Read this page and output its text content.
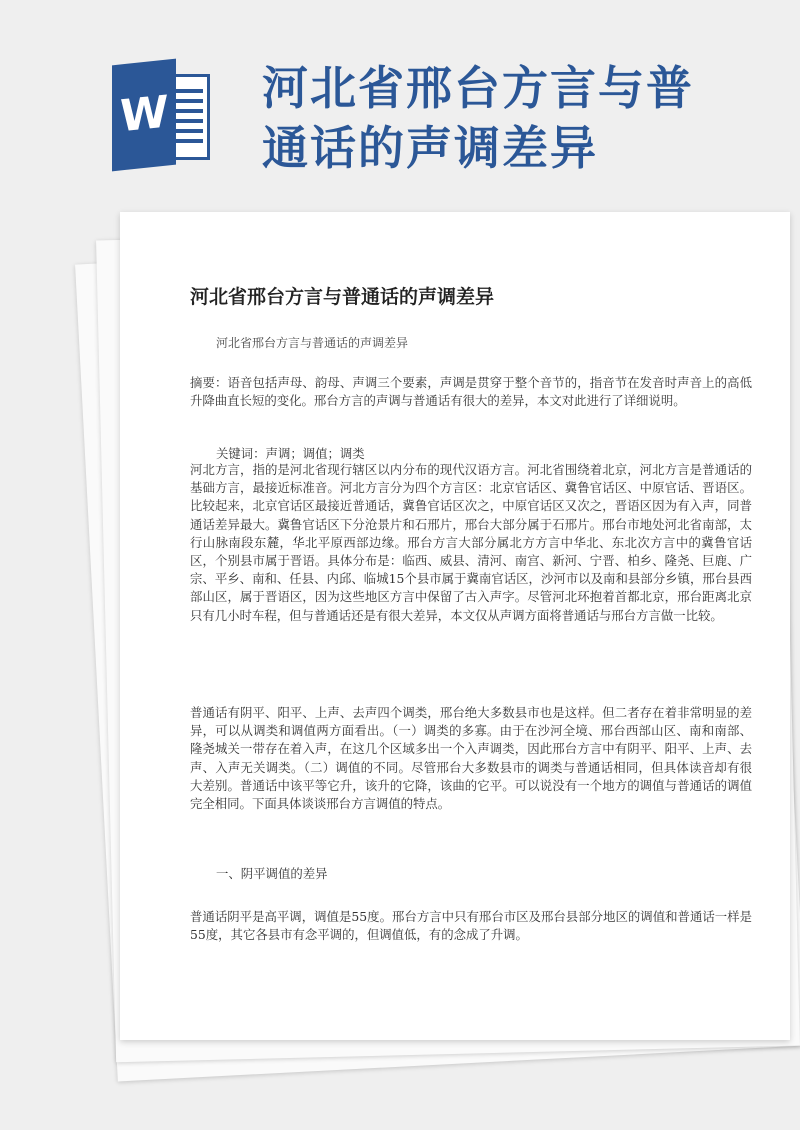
W 河北省邢台方言与普通话的声调差异
河北省邢台方言与普通话的声调差异
河北省邢台方言与普通话的声调差异
摘要：语音包括声母、韵母、声调三个要素，声调是贯穿于整个音节的，指音节在发音时声音上的高低升降曲直长短的变化。邢台方言的声调与普通话有很大的差异，本文对此进行了详细说明。
关键词：声调；调值；调类
河北方言，指的是河北省现行辖区以内分布的现代汉语方言。河北省围绕着北京，河北方言是普通话的基础方言，最接近标准音。河北方言分为四个方言区：北京官话区、冀鲁官话区、中原官话、晋语区。比较起来，北京官话区最接近普通话，冀鲁官话区次之，中原官话区又次之，晋语区因为有入声，同普通话差异最大。冀鲁官话区下分沧景片和石邢片，邢台大部分属于石邢片。邢台市地处河北省南部，太行山脉南段东麓，华北平原西部边缘。邢台方言大部分属北方方言中华北、东北次方言中的冀鲁官话区，个别县市属于晋语。具体分布是：临西、威县、清河、南宫、新河、宁晋、柏乡、隆尧、巨鹿、广宗、平乡、南和、任县、内邱、临城15个县市属于冀南官话区，沙河市以及南和县部分乡镇，邢台县西部山区，属于晋语区，因为这些地区方言中保留了古入声字。尽管河北环抱着首都北京，邢台距离北京只有几小时车程，但与普通话还是有很大差异，本文仅从声调方面将普通话与邢台方言做一比较。
普通话有阴平、阳平、上声、去声四个调类，邢台绝大多数县市也是这样。但二者存在着非常明显的差异，可以从调类和调值两方面看出。（一）调类的多寡。由于在沙河全境、邢台西部山区、南和南部、隆尧城关一带存在着入声，在这几个区域多出一个入声调类，因此邢台方言中有阴平、阳平、上声、去声、入声无关调类。（二）调值的不同。尽管邢台大多数县市的调类与普通话相同，但具体读音却有很大差别。普通话中该平等它升，该升的它降，该曲的它平。可以说没有一个地方的调值与普通话的调值完全相同。下面具体谈谈邢台方言调值的特点。
一、阴平调值的差异
普通话阴平是高平调，调值是55度。邢台方言中只有邢台市区及邢台县部分地区的调值和普通话一样是55度，其它各县市有念平调的，但调值低，有的念成了升调。
